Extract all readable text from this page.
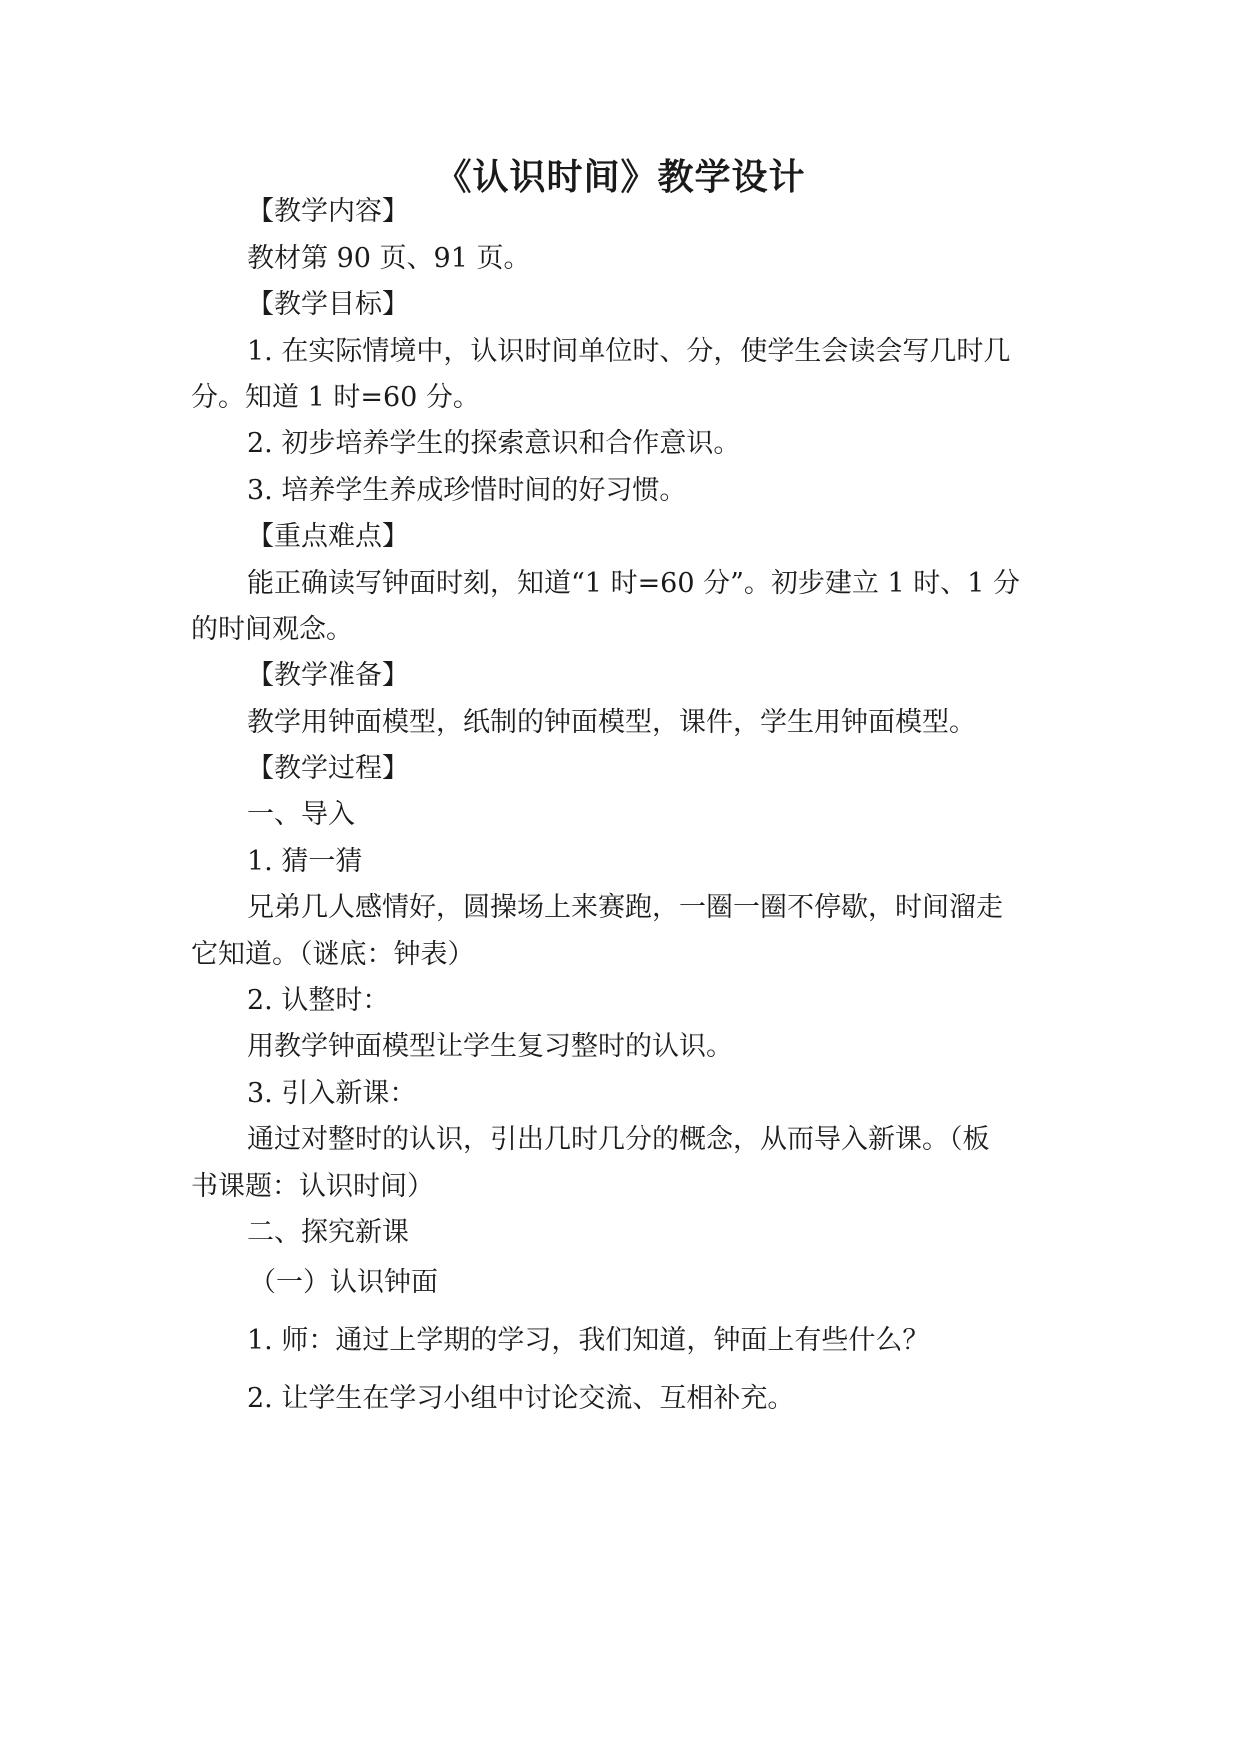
《认识时间》教学设计
【教学内容】
教材第 90 页、91 页。
【教学目标】
1. 在实际情境中，认识时间单位时、分，使学生会读会写几时几
分。知道 1 时=60 分。
2. 初步培养学生的探索意识和合作意识。
3. 培养学生养成珍惜时间的好习惯。
【重点难点】
能正确读写钟面时刻，知道“1 时=60 分”。初步建立 1 时、1 分
的时间观念。
【教学准备】
教学用钟面模型，纸制的钟面模型，课件，学生用钟面模型。
【教学过程】
一、导入
1. 猜一猜
兄弟几人感情好，圆操场上来赛跑，一圈一圈不停歇，时间溜走
它知道。（谜底：钟表）
2. 认整时：
用教学钟面模型让学生复习整时的认识。
3. 引入新课：
通过对整时的认识，引出几时几分的概念，从而导入新课。（板
书课题：认识时间）
二、探究新课
（一）认识钟面
1. 师：通过上学期的学习，我们知道，钟面上有些什么？
2. 让学生在学习小组中讨论交流、互相补充。
